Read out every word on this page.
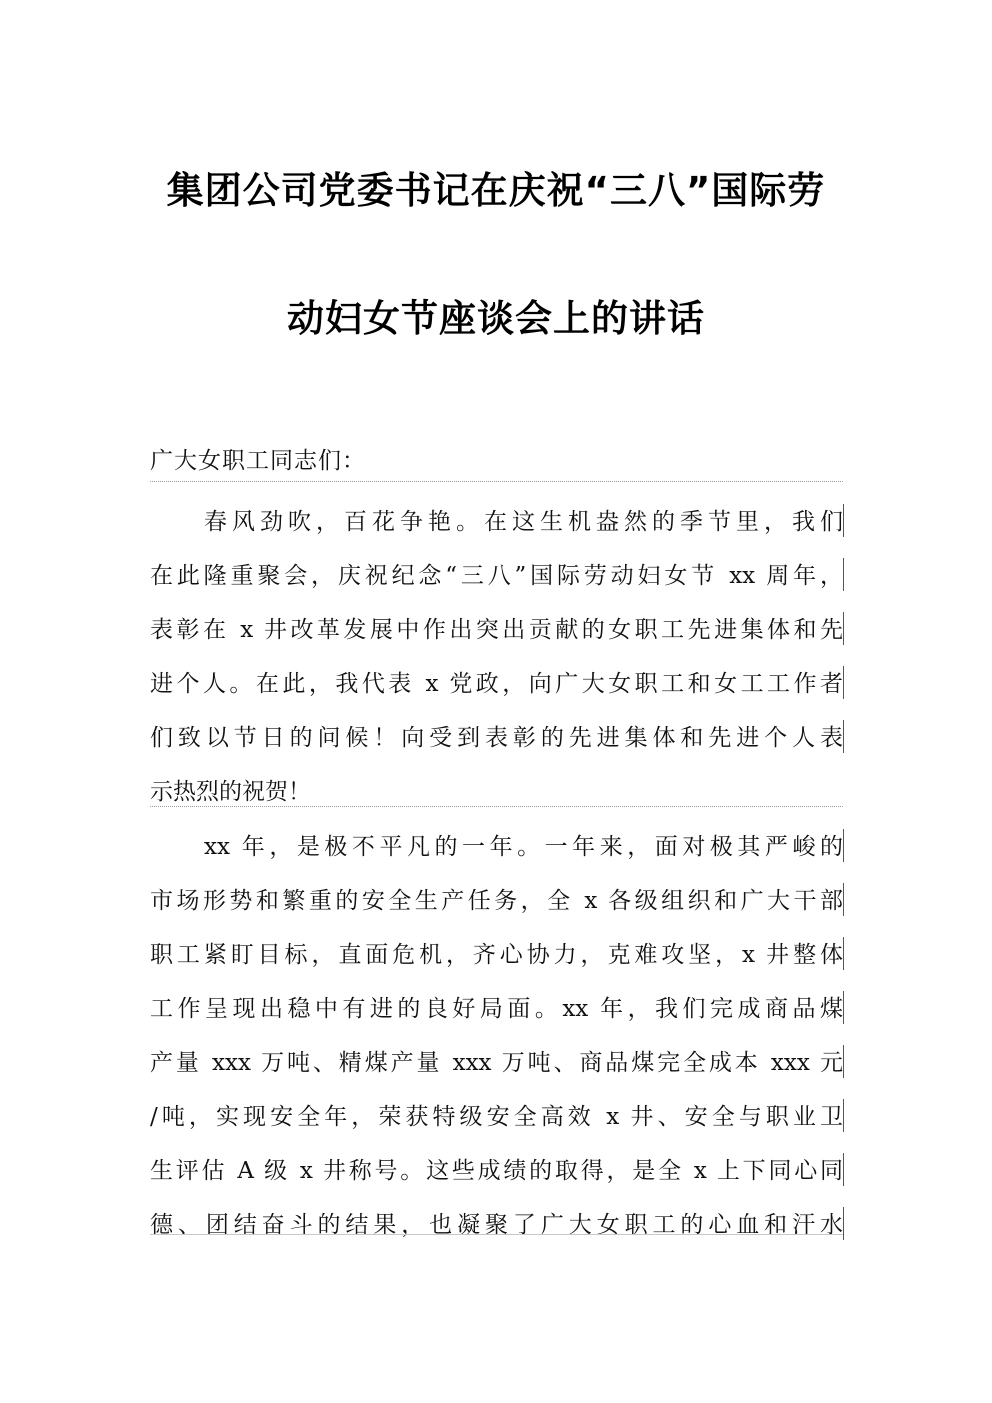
集团公司党委书记在庆祝“三八”国际劳
动妇女节座谈会上的讲话
广大女职工同志们：
春风劲吹，百花争艳。在这生机盎然的季节里，我们
在此隆重聚会，庆祝纪念“三八”国际劳动妇女节 xx 周年，
表彰在 x 井改革发展中作出突出贡献的女职工先进集体和先
进个人。在此，我代表 x 党政，向广大女职工和女工工作者
们致以节日的问候！向受到表彰的先进集体和先进个人表
示热烈的祝贺！
xx 年，是极不平凡的一年。一年来，面对极其严峻的
市场形势和繁重的安全生产任务，全 x 各级组织和广大干部
职工紧盯目标，直面危机，齐心协力，克难攻坚，x 井整体
工作呈现出稳中有进的良好局面。xx 年，我们完成商品煤
产量 xxx 万吨、精煤产量 xxx 万吨、商品煤完全成本 xxx 元
/吨，实现安全年，荣获特级安全高效 x 井、安全与职业卫
生评估 A 级 x 井称号。这些成绩的取得，是全 x 上下同心同
德、团结奋斗的结果，也凝聚了广大女职工的心血和汗水
